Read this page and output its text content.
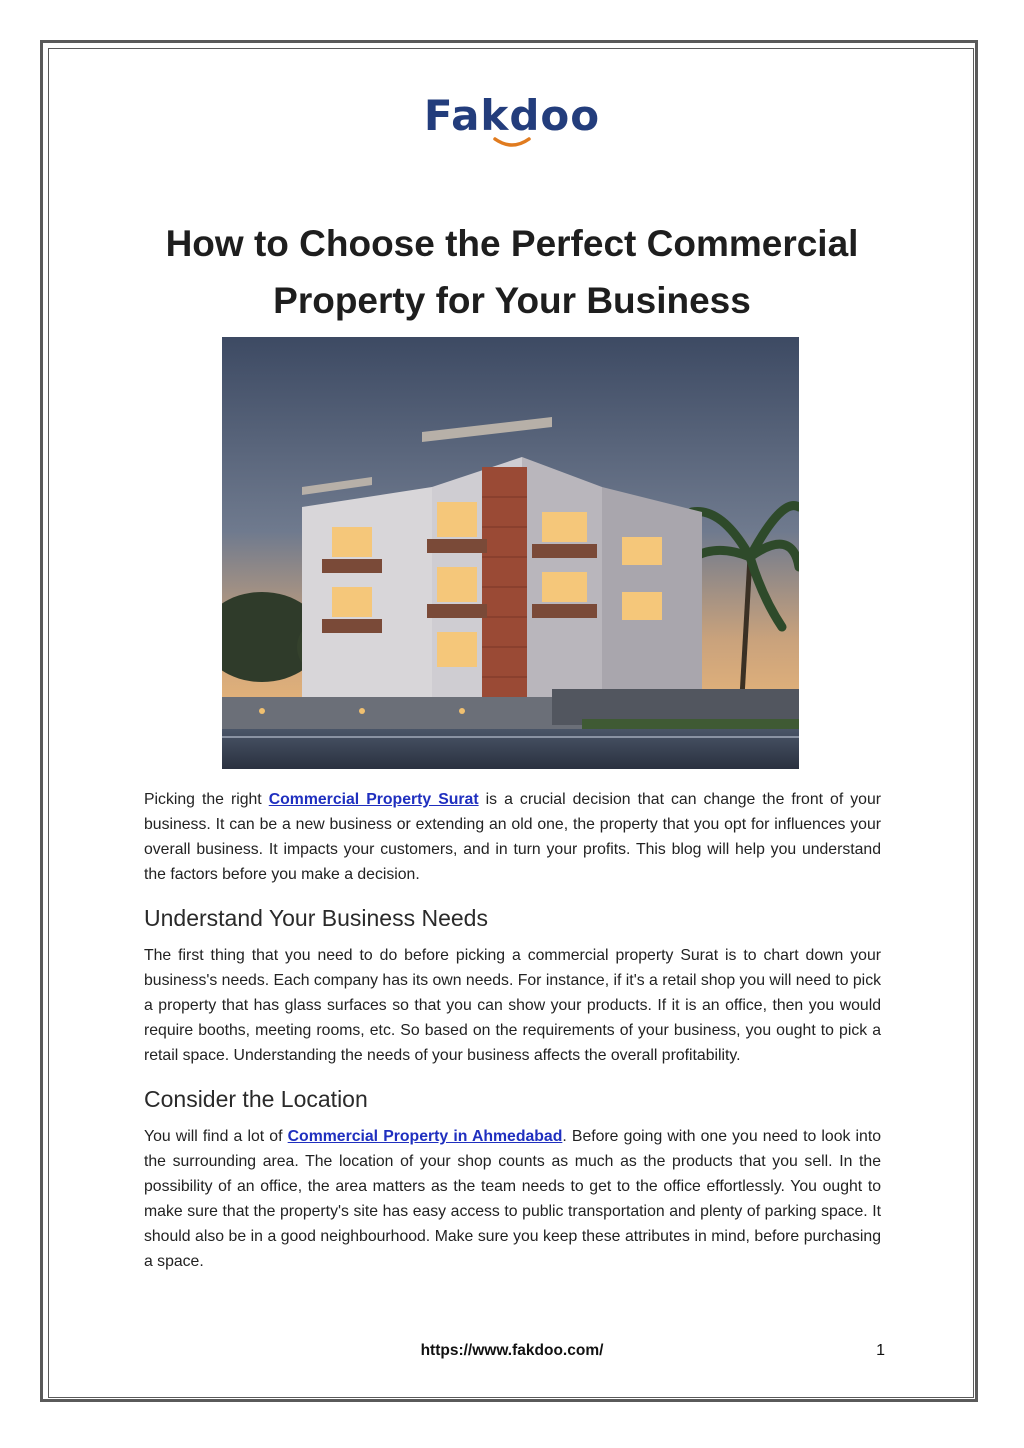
Fakdoo
How to Choose the Perfect Commercial Property for Your Business

Picking the right Commercial Property Surat is a crucial decision that can change the front of your business. It can be a new business or extending an old one, the property that you opt for influences your overall business. It impacts your customers, and in turn your profits. This blog will help you understand the factors before you make a decision.

Understand Your Business Needs

The first thing that you need to do before picking a commercial property Surat is to chart down your business's needs. Each company has its own needs. For instance, if it's a retail shop you will need to pick a property that has glass surfaces so that you can show your products. If it is an office, then you would require booths, meeting rooms, etc. So based on the requirements of your business, you ought to pick a retail space. Understanding the needs of your business affects the overall profitability.

Consider the Location

You will find a lot of Commercial Property in Ahmedabad. Before going with one you need to look into the surrounding area. The location of your shop counts as much as the products that you sell. In the possibility of an office, the area matters as the team needs to get to the office effortlessly. You ought to make sure that the property's site has easy access to public transportation and plenty of parking space. It should also be in a good neighbourhood. Make sure you keep these attributes in mind, before purchasing a space.

https://www.fakdoo.com/	1
